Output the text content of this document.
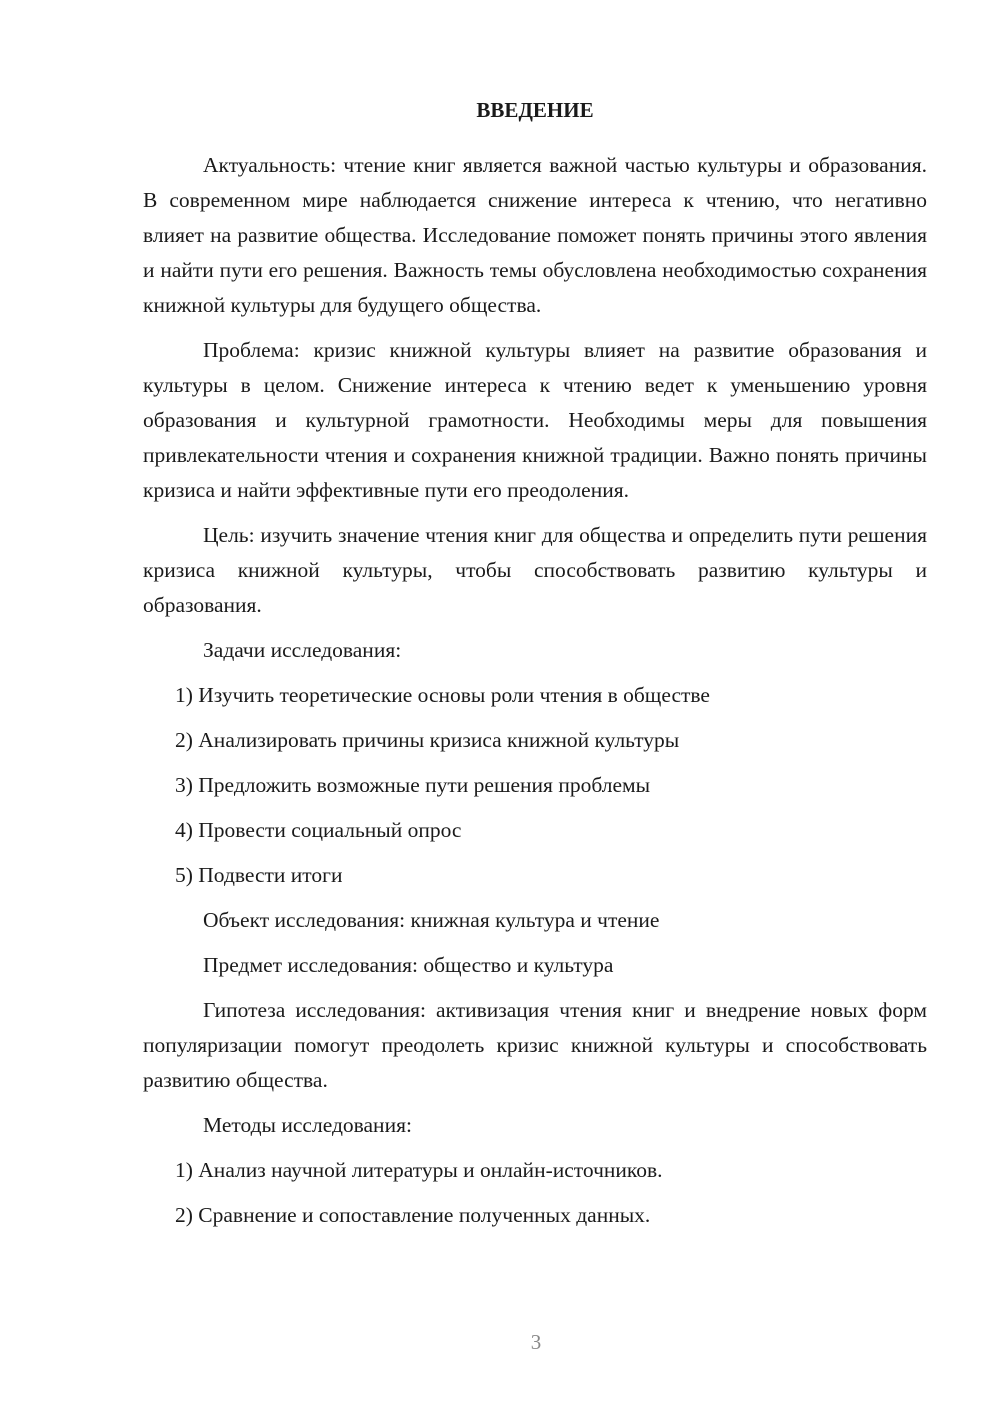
ВВЕДЕНИЕ

Актуальность: чтение книг является важной частью культуры и образования. В современном мире наблюдается снижение интереса к чтению, что негативно влияет на развитие общества. Исследование поможет понять причины этого явления и найти пути его решения. Важность темы обусловлена необходимостью сохранения книжной культуры для будущего общества.

Проблема: кризис книжной культуры влияет на развитие образования и культуры в целом. Снижение интереса к чтению ведет к уменьшению уровня образования и культурной грамотности. Необходимы меры для повышения привлекательности чтения и сохранения книжной традиции. Важно понять причины кризиса и найти эффективные пути его преодоления.

Цель: изучить значение чтения книг для общества и определить пути решения кризиса книжной культуры, чтобы способствовать развитию культуры и образования.

Задачи исследования:

1) Изучить теоретические основы роли чтения в обществе
2) Анализировать причины кризиса книжной культуры
3) Предложить возможные пути решения проблемы
4) Провести социальный опрос
5) Подвести итоги

Объект исследования: книжная культура и чтение

Предмет исследования: общество и культура

Гипотеза исследования: активизация чтения книг и внедрение новых форм популяризации помогут преодолеть кризис книжной культуры и способствовать развитию общества.

Методы исследования:

1) Анализ научной литературы и онлайн-источников.
2) Сравнение и сопоставление полученных данных.
3
